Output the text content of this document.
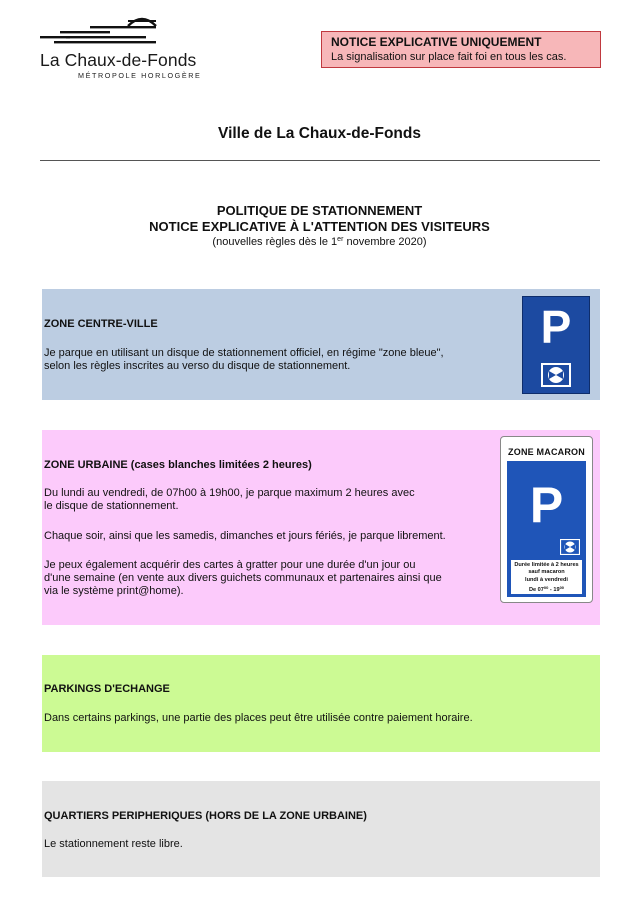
La Chaux-de-Fonds
MÉTROPOLE HORLOGÈRE
NOTICE EXPLICATIVE UNIQUEMENT
La signalisation sur place fait foi en tous les cas.
Ville de La Chaux-de-Fonds
POLITIQUE DE STATIONNEMENT
NOTICE EXPLICATIVE À L'ATTENTION DES VISITEURS
(nouvelles règles dès le 1er novembre 2020)
ZONE CENTRE-VILLE
Je parque en utilisant un disque de stationnement officiel, en régime "zone bleue",
selon les règles inscrites au verso du disque de stationnement.
P
ZONE URBAINE (cases blanches limitées 2 heures)
Du lundi au vendredi, de 07h00 à 19h00, je parque maximum 2 heures avec
le disque de stationnement.
Chaque soir, ainsi que les samedis, dimanches et jours fériés, je parque librement.
Je peux également acquérir des cartes à gratter pour une durée d'un jour ou
d'une semaine (en vente aux divers guichets communaux et partenaires ainsi que
via le système print@home).
ZONE MACARON
P
Durée limitée à 2 heures
sauf macaron
lundi à vendredi
De $07^{00} - 19^{00}$
PARKINGS D'ECHANGE
Dans certains parkings, une partie des places peut être utilisée contre paiement horaire.
QUARTIERS PERIPHERIQUES (HORS DE LA ZONE URBAINE)
Le stationnement reste libre.
